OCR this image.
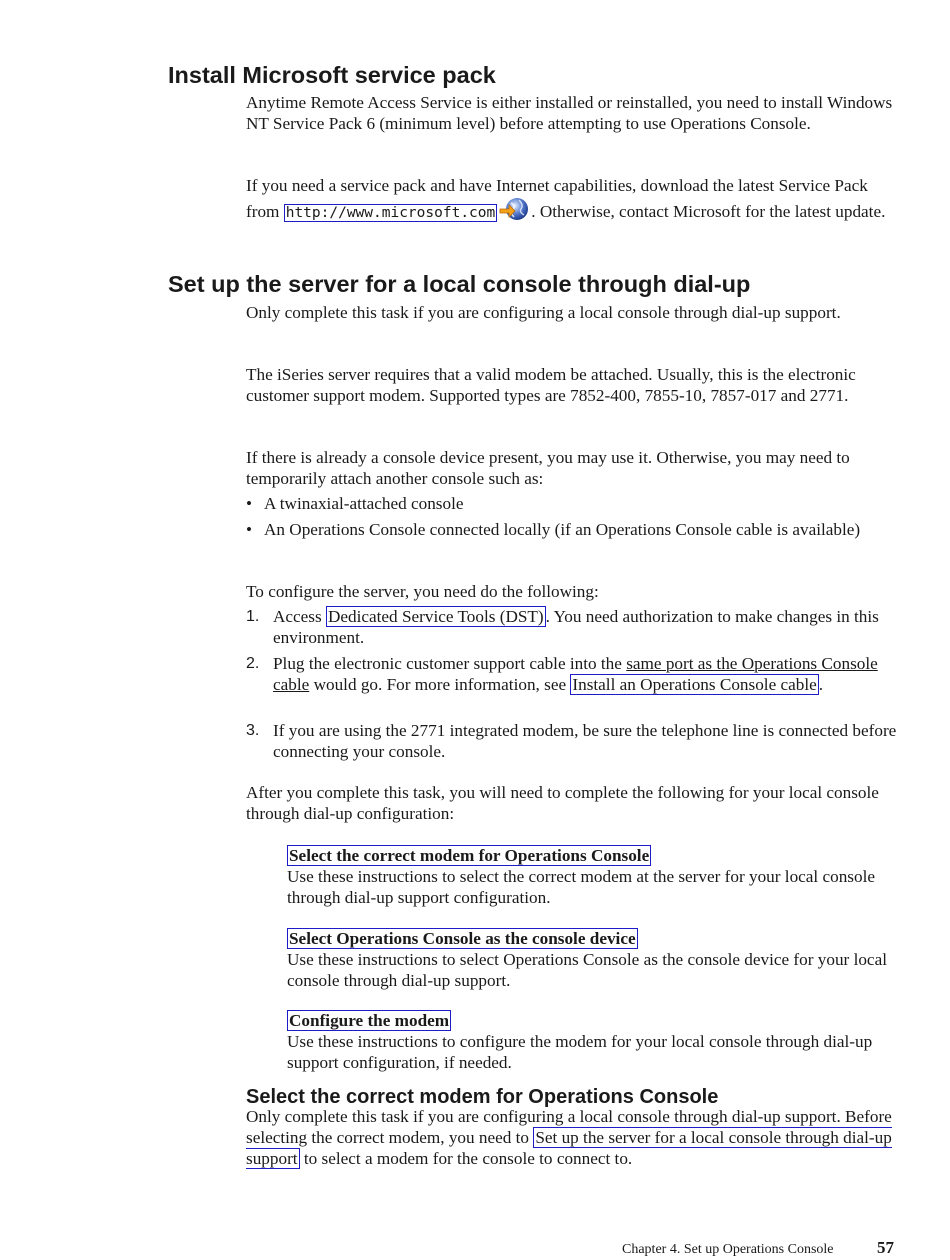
Install Microsoft service pack

Anytime Remote Access Service is either installed or reinstalled, you need to install Windows NT Service Pack 6 (minimum level) before attempting to use Operations Console.

If you need a service pack and have Internet capabilities, download the latest Service Pack from http://www.microsoft.com . Otherwise, contact Microsoft for the latest update.

Set up the server for a local console through dial-up

Only complete this task if you are configuring a local console through dial-up support.

The iSeries server requires that a valid modem be attached. Usually, this is the electronic customer support modem. Supported types are 7852-400, 7855-10, 7857-017 and 2771.

If there is already a console device present, you may use it. Otherwise, you may need to temporarily attach another console such as:

• A twinaxial-attached console
• An Operations Console connected locally (if an Operations Console cable is available)

To configure the server, you need do the following:

1. Access Dedicated Service Tools (DST) . You need authorization to make changes in this environment.
2. Plug the electronic customer support cable into the same port as the Operations Console cable would go. For more information, see Install an Operations Console cable .
3. If you are using the 2771 integrated modem, be sure the telephone line is connected before connecting your console.

After you complete this task, you will need to complete the following for your local console through dial-up configuration:

Select the correct modem for Operations Console
Use these instructions to select the correct modem at the server for your local console through dial-up support configuration.
Select Operations Console as the console device
Use these instructions to select Operations Console as the console device for your local console through dial-up support.
Configure the modem
Use these instructions to configure the modem for your local console through dial-up support configuration, if needed.
Select the correct modem for Operations Console

Only complete this task if you are configuring a local console through dial-up support. Before selecting the correct modem, you need to Set up the server for a local console through dial-up support to select a modem for the console to connect to.

Chapter 4. Set up Operations Console	57
